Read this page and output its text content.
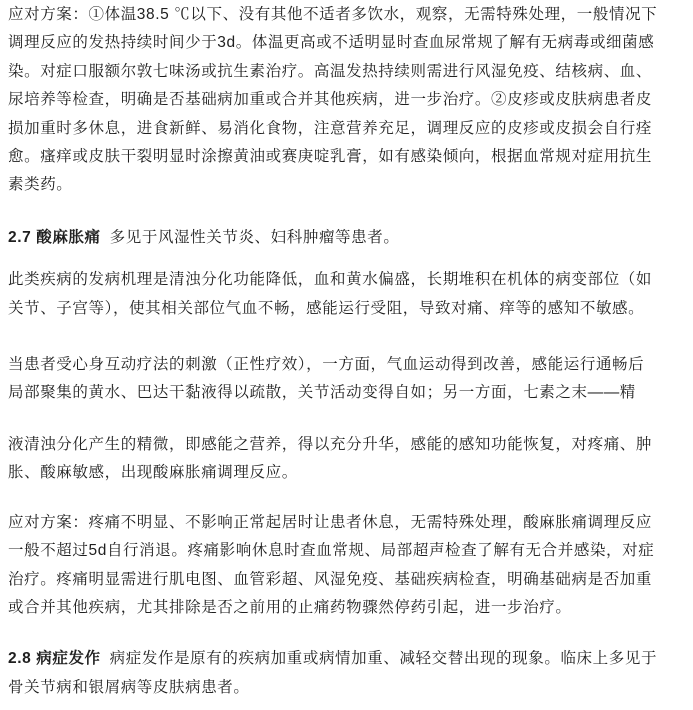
应对方案：①体温38.5 ℃以下、没有其他不适者多饮水，观察，无需特殊处理，一般情况下
调理反应的发热持续时间少于3d。体温更高或不适明显时查血尿常规了解有无病毒或细菌感
染。对症口服额尔敦七味汤或抗生素治疗。高温发热持续则需进行风湿免疫、结核病、血、
尿培养等检查，明确是否基础病加重或合并其他疾病，进一步治疗。②皮疹或皮肤病患者皮
损加重时多休息，进食新鲜、易消化食物，注意营养充足，调理反应的皮疹或皮损会自行痊
愈。瘙痒或皮肤干裂明显时涂擦黄油或赛庚啶乳膏，如有感染倾向，根据血常规对症用抗生
素类药。

2.7 酸麻胀痛 多见于风湿性关节炎、妇科肿瘤等患者。

此类疾病的发病机理是清浊分化功能降低，血和黄水偏盛，长期堆积在机体的病变部位（如
关节、子宫等），使其相关部位气血不畅，感能运行受阻，导致对痛、痒等的感知不敏感。

当患者受心身互动疗法的刺激（正性疗效），一方面，气血运动得到改善，感能运行通畅后
局部聚集的黄水、巴达干黏液得以疏散，关节活动变得自如；另一方面，七素之末——精

液清浊分化产生的精微，即感能之营养，得以充分升华，感能的感知功能恢复，对疼痛、肿
胀、酸麻敏感，出现酸麻胀痛调理反应。

应对方案：疼痛不明显、不影响正常起居时让患者休息，无需特殊处理，酸麻胀痛调理反应
一般不超过5d自行消退。疼痛影响休息时查血常规、局部超声检查了解有无合并感染，对症
治疗。疼痛明显需进行肌电图、血管彩超、风湿免疫、基础疾病检查，明确基础病是否加重
或合并其他疾病，尤其排除是否之前用的止痛药物骤然停药引起，进一步治疗。

2.8 病症发作 病症发作是原有的疾病加重或病情加重、减轻交替出现的现象。临床上多见于
骨关节病和银屑病等皮肤病患者。
